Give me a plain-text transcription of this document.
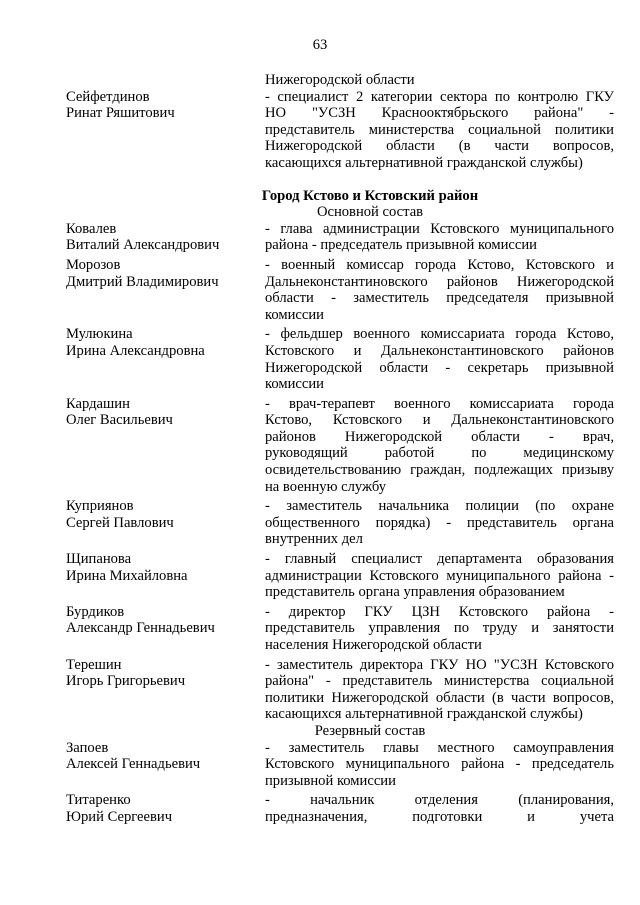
63
Нижегородской области
Сейфетдинов
Ринат Ряшитович
- специалист 2 категории сектора по контролю ГКУ
НО "УСЗН Краснооктябрьского района" -
представитель министерства социальной политики
Нижегородской области (в части вопросов,
касающихся альтернативной гражданской службы)
Город Кстово и Кстовский район
Основной состав
Ковалев
Виталий Александрович
- глава администрации Кстовского муниципального
района - председатель призывной комиссии
Морозов
Дмитрий Владимирович
- военный комиссар города Кстово, Кстовского и
Дальнеконстантиновского районов Нижегородской
области - заместитель председателя призывной
комиссии
Мулюкина
Ирина Александровна
- фельдшер военного комиссариата города Кстово,
Кстовского и Дальнеконстантиновского районов
Нижегородской области - секретарь призывной
комиссии
Кардашин
Олег Васильевич
- врач-терапевт военного комиссариата города
Кстово, Кстовского и Дальнеконстантиновского
районов Нижегородской области - врач,
руководящий работой по медицинскому
освидетельствованию граждан, подлежащих призыву
на военную службу
Куприянов
Сергей Павлович
- заместитель начальника полиции (по охране
общественного порядка) - представитель органа
внутренних дел
Щипанова
Ирина Михайловна
- главный специалист департамента образования
администрации Кстовского муниципального района -
представитель органа управления образованием
Бурдиков
Александр Геннадьевич
- директор ГКУ ЦЗН Кстовского района -
представитель управления по труду и занятости
населения Нижегородской области
Терешин
Игорь Григорьевич
- заместитель директора ГКУ НО "УСЗН Кстовского
района" - представитель министерства социальной
политики Нижегородской области (в части вопросов,
касающихся альтернативной гражданской службы)
Резервный состав
Запоев
Алексей Геннадьевич
- заместитель главы местного самоуправления
Кстовского муниципального района - председатель
призывной комиссии
Титаренко
Юрий Сергеевич
- начальник отделения (планирования,
предназначения, подготовки и учета
